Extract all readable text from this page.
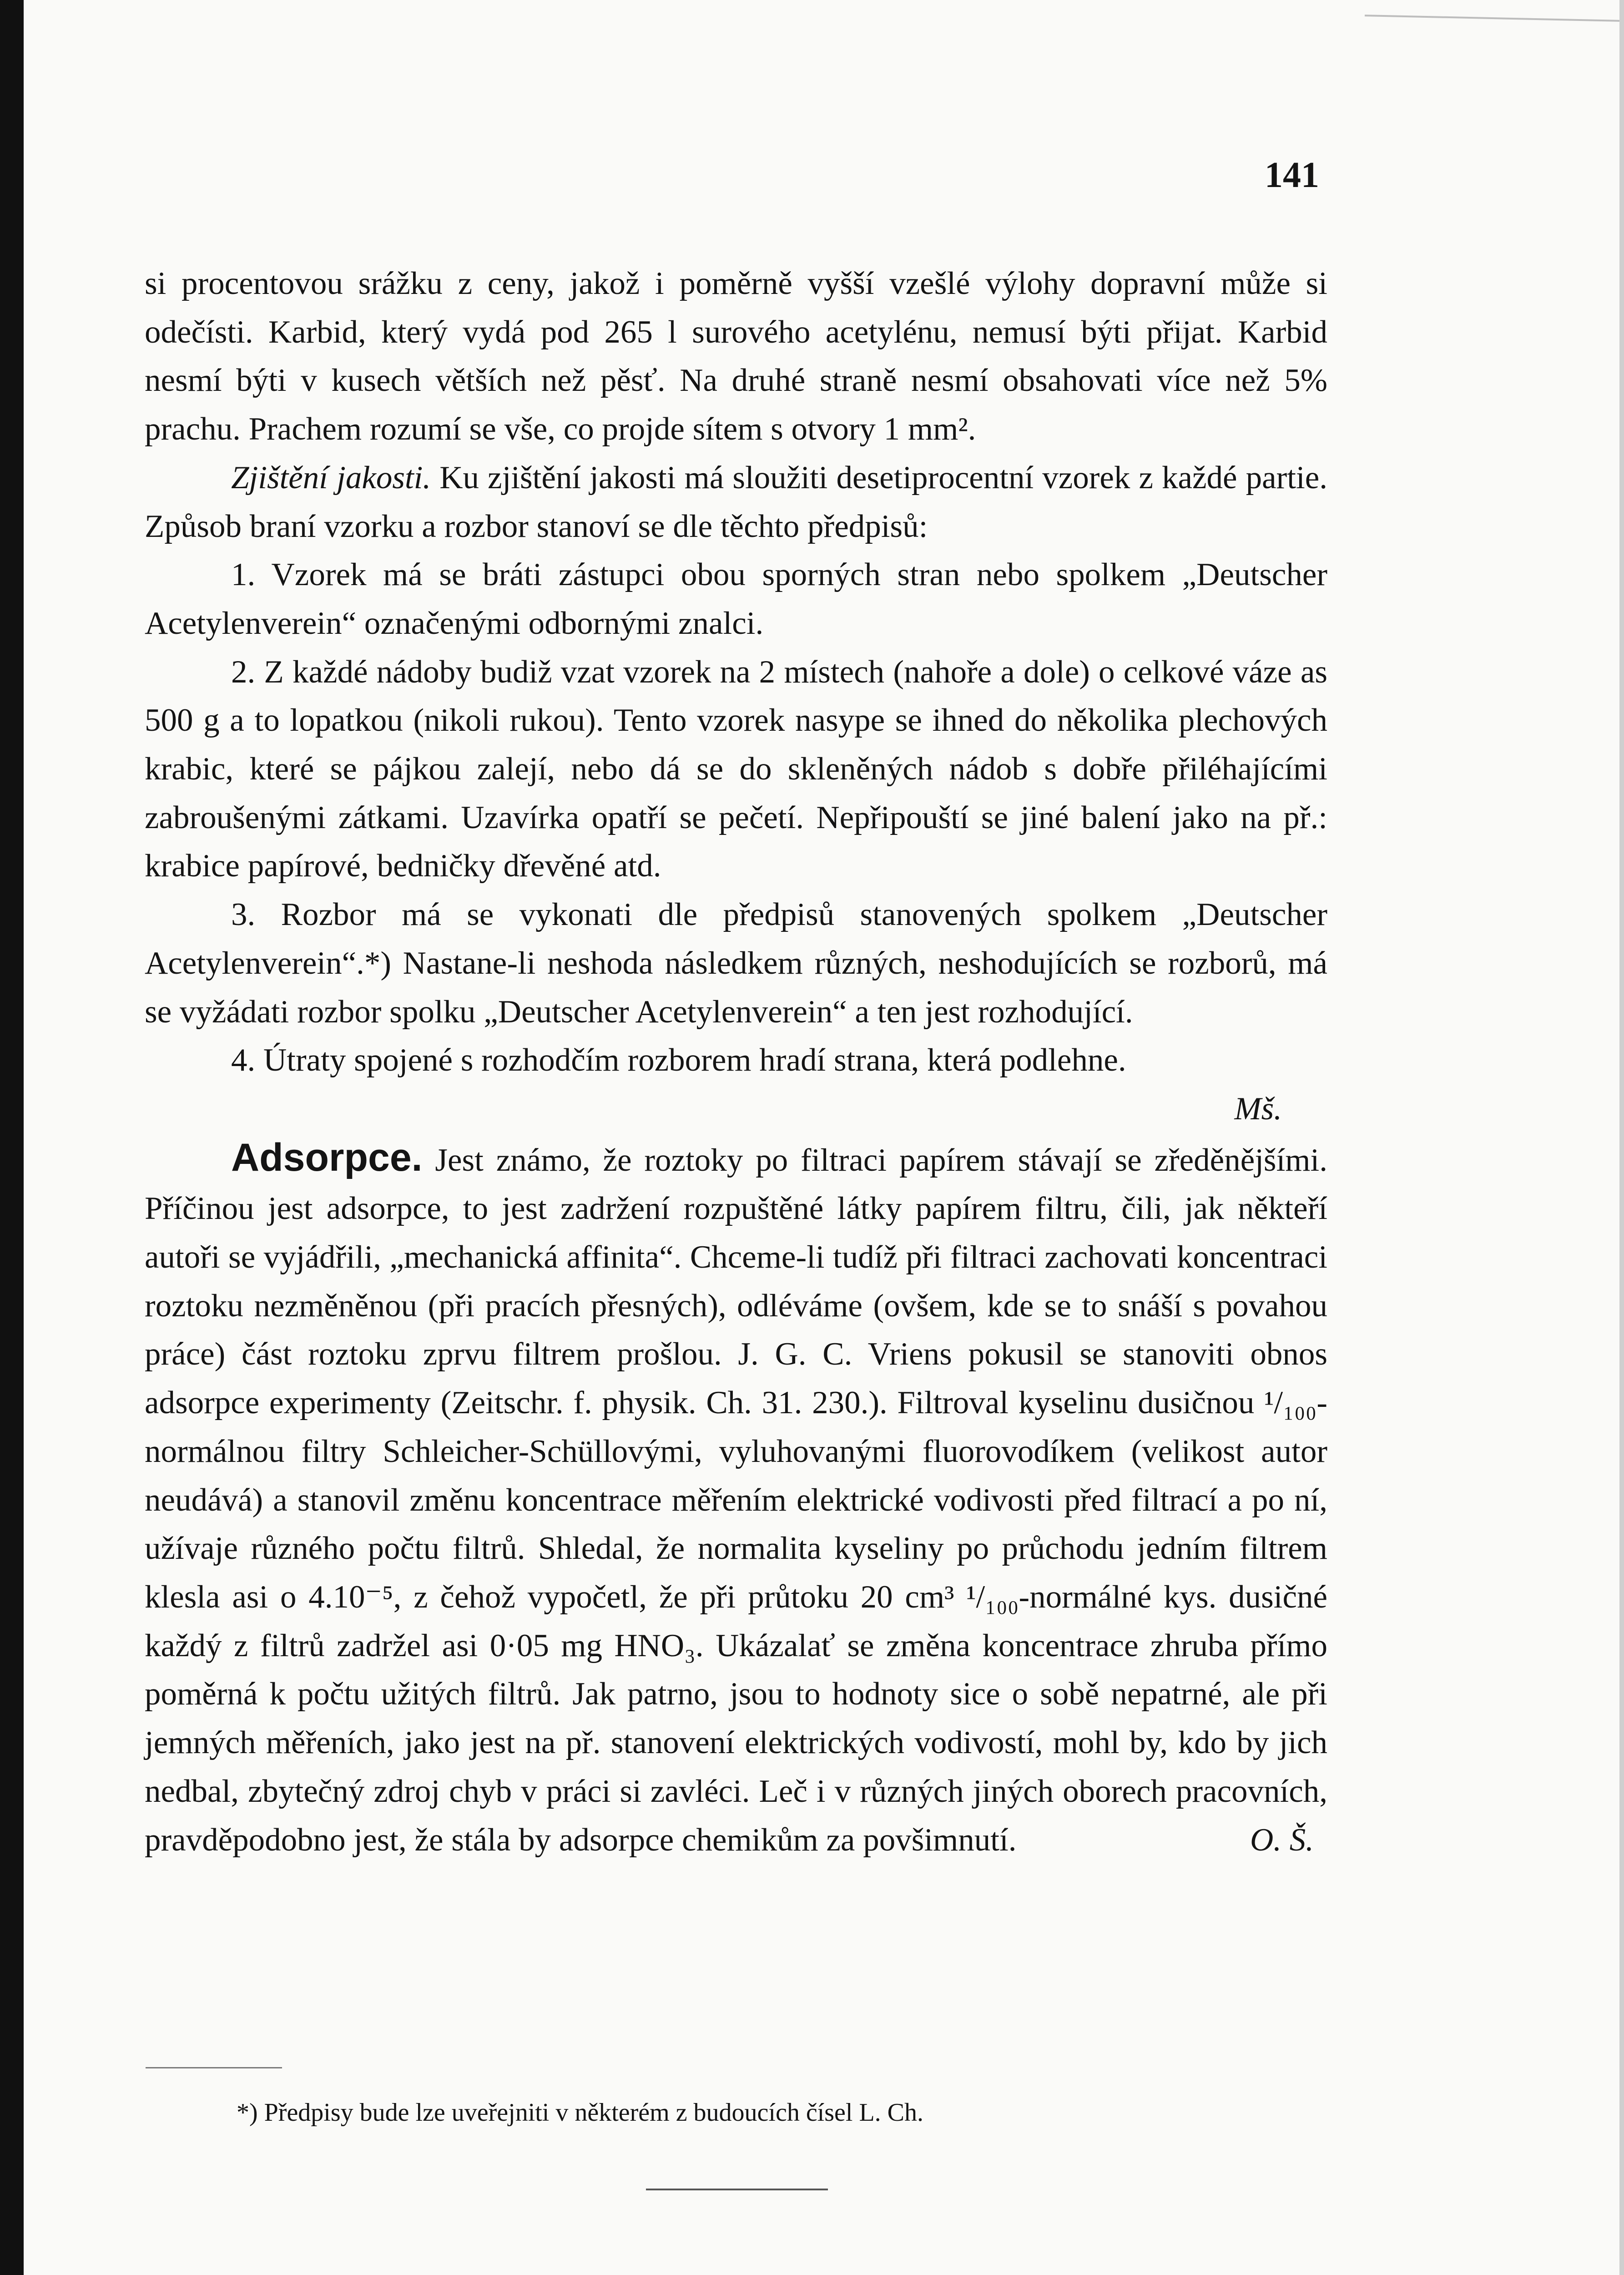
141

si procentovou srážku z ceny, jakož i poměrně vyšší vzešlé výlohy dopravní může si odečísti. Karbid, který vydá pod 265 l surového acetylénu, nemusí býti přijat. Karbid nesmí býti v kusech větších než pěsť. Na druhé straně nesmí obsahovati více než 5% prachu. Prachem rozumí se vše, co projde sítem s otvory 1 mm².

Zjištění jakosti. Ku zjištění jakosti má sloužiti desetiprocentní vzorek z každé partie. Způsob braní vzorku a rozbor stanoví se dle těchto předpisů:

1. Vzorek má se bráti zástupci obou sporných stran nebo spolkem „Deutscher Acetylenverein“ označenými odbornými znalci.

2. Z každé nádoby budiž vzat vzorek na 2 místech (nahoře a dole) o celkové váze as 500 g a to lopatkou (nikoli rukou). Tento vzorek nasype se ihned do několika plechových krabic, které se pájkou zalejí, nebo dá se do skleněných nádob s dobře přiléhajícími zabroušenými zátkami. Uzavírka opatří se pečetí. Nepřipouští se jiné balení jako na př.: krabice papírové, bedničky dřevěné atd.

3. Rozbor má se vykonati dle předpisů stanovených spolkem „Deutscher Acetylenverein“.*) Nastane-li neshoda následkem různých, neshodujících se rozborů, má se vyžádati rozbor spolku „Deutscher Acetylenverein“ a ten jest rozhodující.

4. Útraty spojené s rozhodčím rozborem hradí strana, která podlehne.

Mš.

Adsorpce. Jest známo, že roztoky po filtraci papírem stávají se zředěnějšími. Příčinou jest adsorpce, to jest zadržení rozpuštěné látky papírem filtru, čili, jak někteří autoři se vyjádřili, „mechanická affinita“. Chceme-li tudíž při filtraci zachovati koncentraci roztoku nezměněnou (při pracích přesných), odléváme (ovšem, kde se to snáší s povahou práce) část roztoku zprvu filtrem prošlou. J. G. C. Vriens pokusil se stanoviti obnos adsorpce experimenty (Zeitschr. f. physik. Ch. 31. 230.). Filtroval kyselinu dusičnou ¹/₁₀₀-normálnou filtry Schleicher-Schüllovými, vyluhovanými fluorovodíkem (velikost autor neudává) a stanovil změnu koncentrace měřením elektrické vodivosti před filtrací a po ní, užívaje různého počtu filtrů. Shledal, že normalita kyseliny po průchodu jedním filtrem klesla asi o 4.10⁻⁵, z čehož vypočetl, že při průtoku 20 cm³ ¹/₁₀₀-normálné kys. dusičné každý z filtrů zadržel asi 0·05 mg HNO₃. Ukázalať se změna koncentrace zhruba přímo poměrná k počtu užitých filtrů. Jak patrno, jsou to hodnoty sice o sobě nepatrné, ale při jemných měřeních, jako jest na př. stanovení elektrických vodivostí, mohl by, kdo by jich nedbal, zbytečný zdroj chyb v práci si zavléci. Leč i v různých jiných oborech pracovních, pravděpodobno jest, že stála by adsorpce chemikům za povšimnutí.	O. Š.

*) Předpisy bude lze uveřejniti v některém z budoucích čísel L. Ch.
